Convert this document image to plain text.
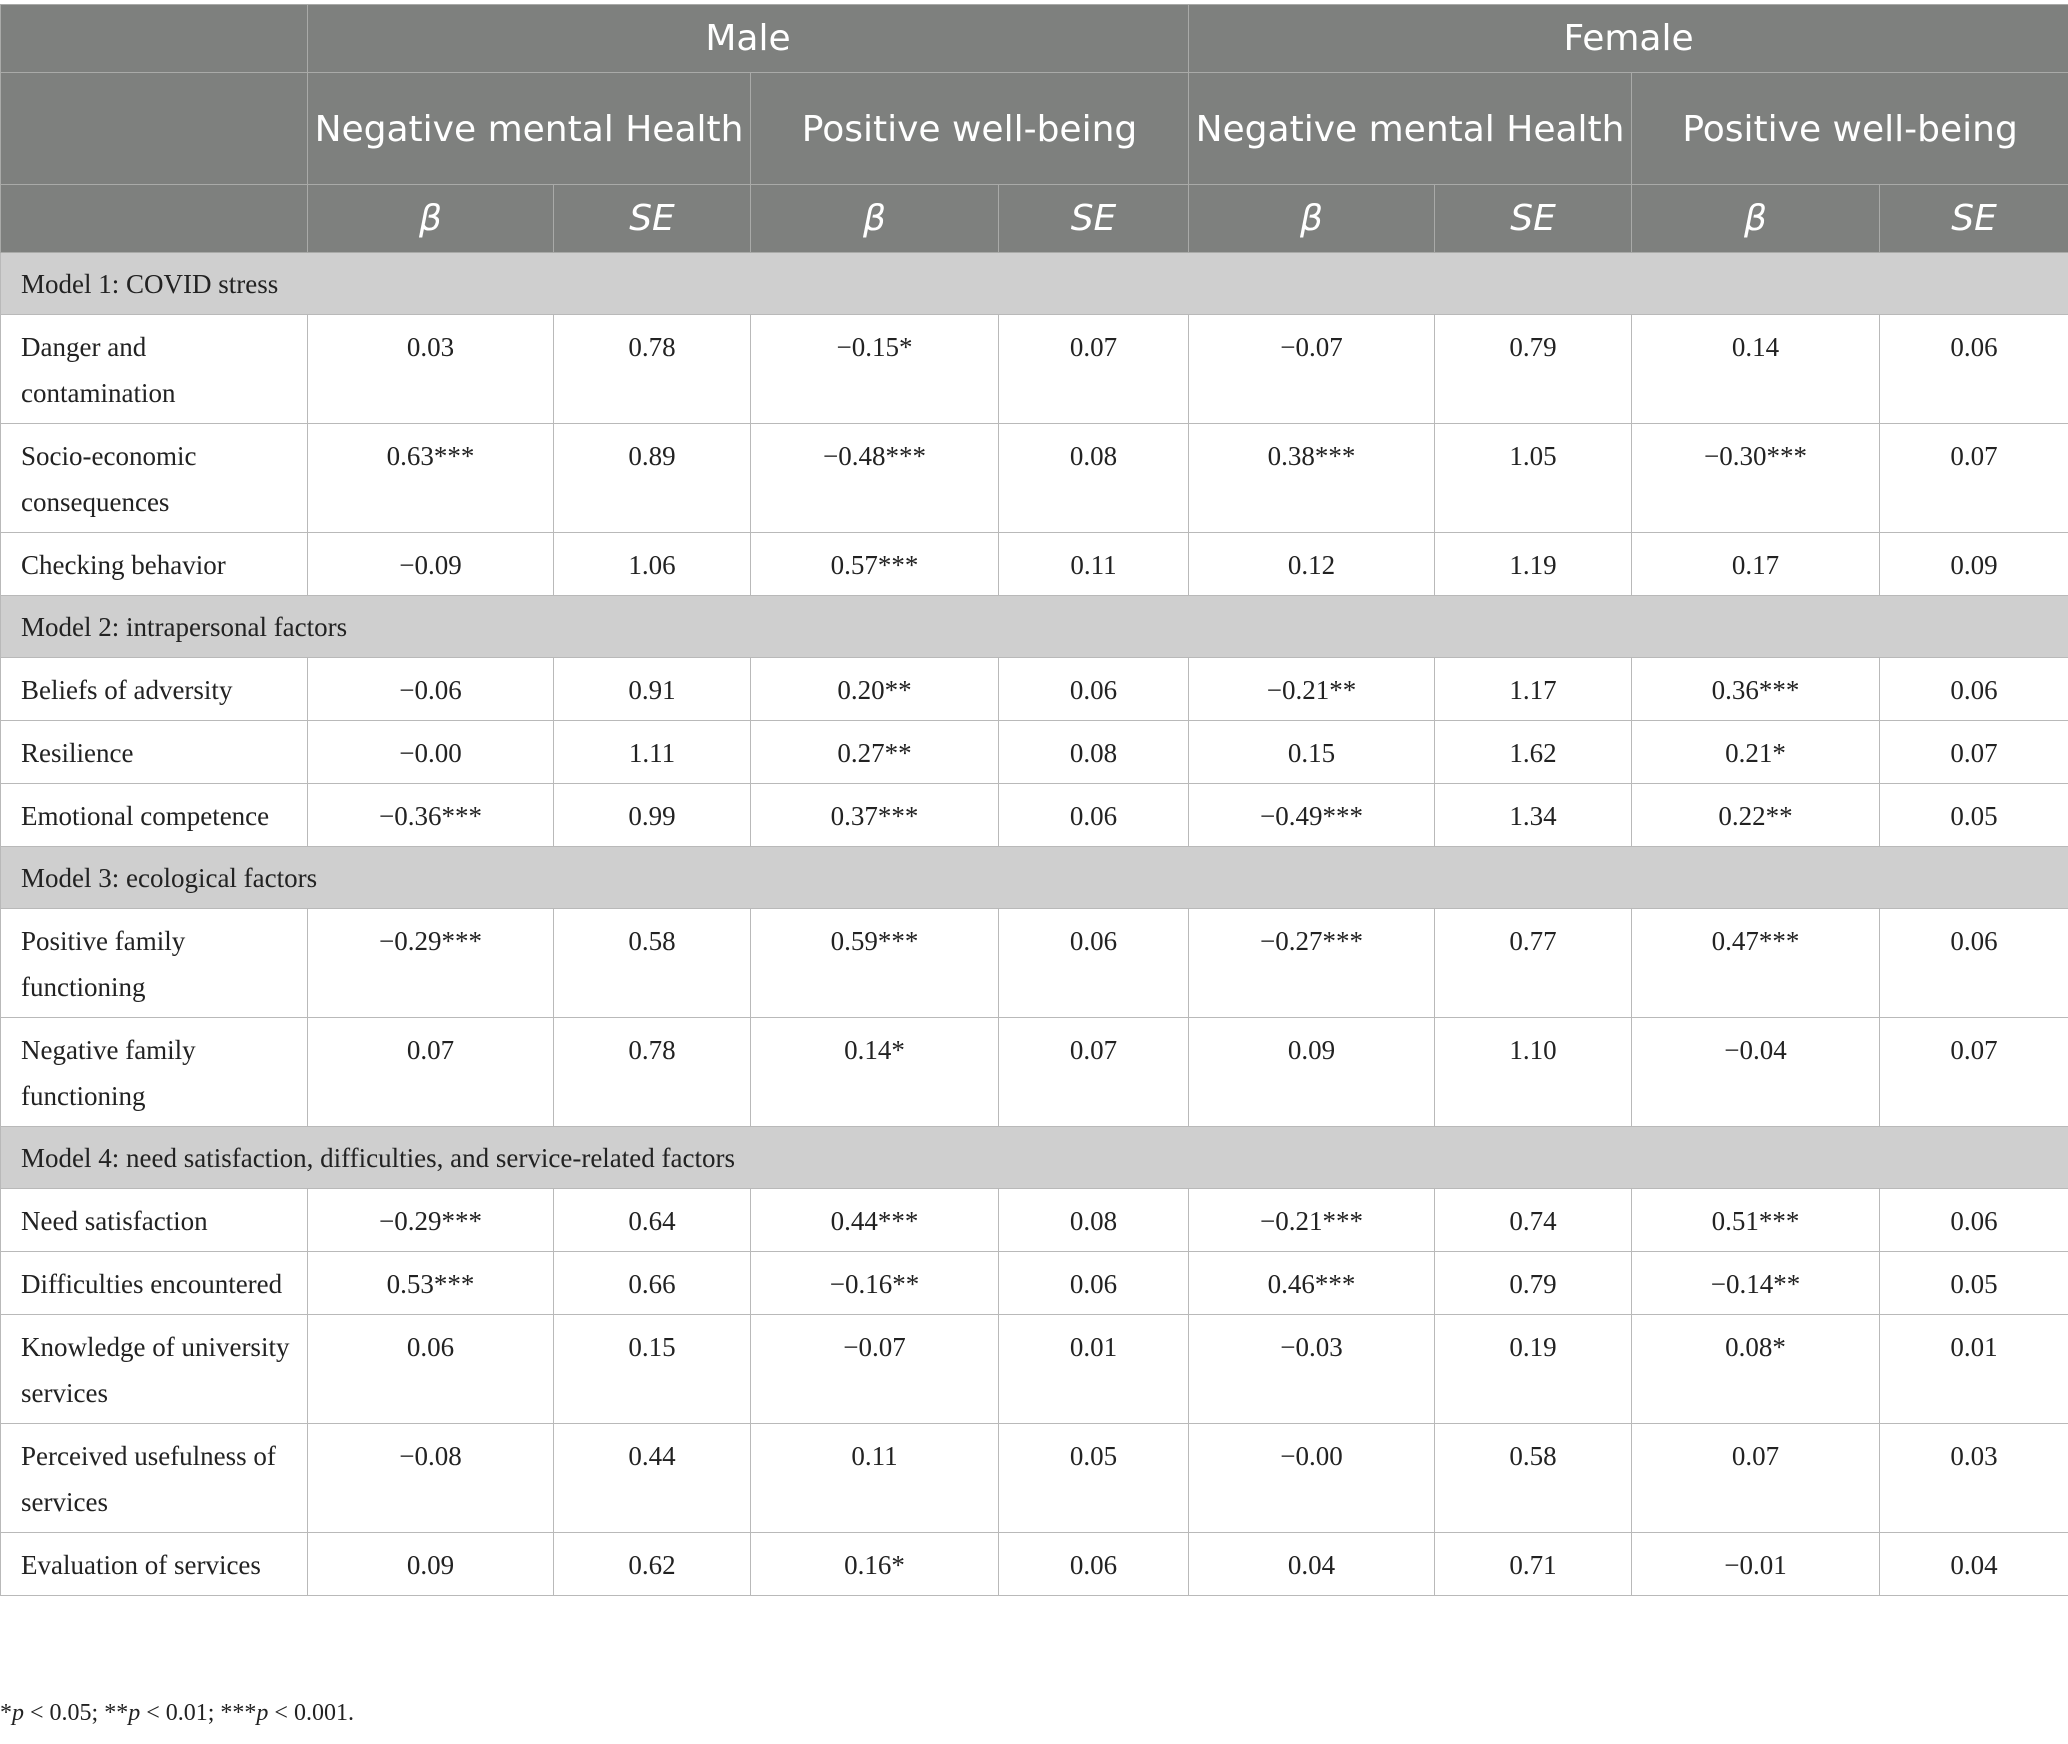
	Male				Female			
	Negative mental Health		Positive well-being		Negative mental Health		Positive well-being	
	β	SE	β	SE	β	SE	β	SE
Model 1: COVID stress								
Danger and contamination	0.03	0.78	−0.15*	0.07	−0.07	0.79	0.14	0.06
Socio-economic consequences	0.63***	0.89	−0.48***	0.08	0.38***	1.05	−0.30***	0.07
Checking behavior	−0.09	1.06	0.57***	0.11	0.12	1.19	0.17	0.09
Model 2: intrapersonal factors								
Beliefs of adversity	−0.06	0.91	0.20**	0.06	−0.21**	1.17	0.36***	0.06
Resilience	−0.00	1.11	0.27**	0.08	0.15	1.62	0.21*	0.07
Emotional competence	−0.36***	0.99	0.37***	0.06	−0.49***	1.34	0.22**	0.05
Model 3: ecological factors								
Positive family functioning	−0.29***	0.58	0.59***	0.06	−0.27***	0.77	0.47***	0.06
Negative family functioning	0.07	0.78	0.14*	0.07	0.09	1.10	−0.04	0.07
Model 4: need satisfaction, difficulties, and service-related factors								
Need satisfaction	−0.29***	0.64	0.44***	0.08	−0.21***	0.74	0.51***	0.06
Difficulties encountered	0.53***	0.66	−0.16**	0.06	0.46***	0.79	−0.14**	0.05
Knowledge of university services	0.06	0.15	−0.07	0.01	−0.03	0.19	0.08*	0.01
Perceived usefulness of services	−0.08	0.44	0.11	0.05	−0.00	0.58	0.07	0.03
Evaluation of services	0.09	0.62	0.16*	0.06	0.04	0.71	−0.01	0.04
*p < 0.05; **p < 0.01; ***p < 0.001.
